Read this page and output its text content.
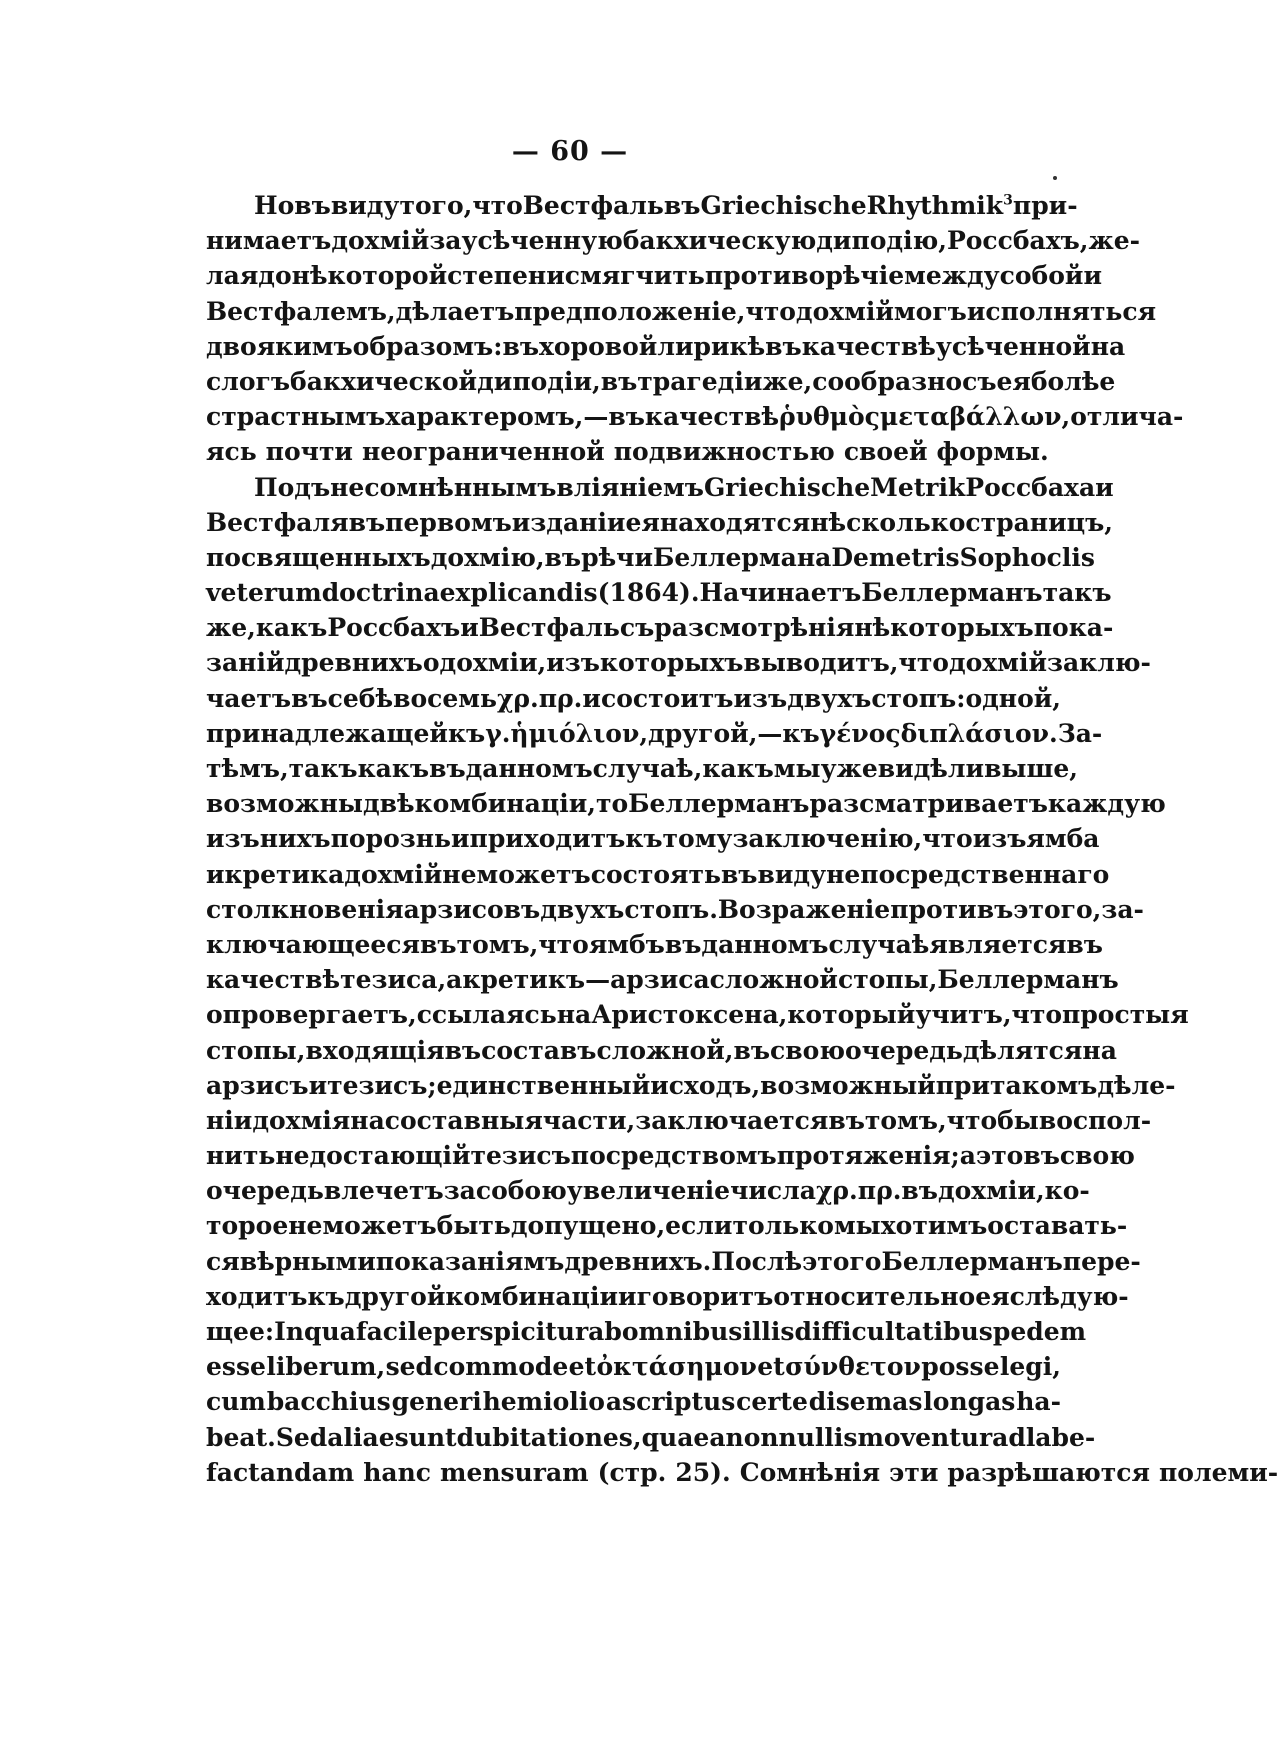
— 60 —
Но въ виду того, что Вестфаль въ Griechische Rhythmik$^3$ при-
нимаетъ дохмій за усѣченную бакхическую диподію, Россбахъ, же-
лая до нѣкоторой степени смягчить противорѣчіе между собой и
Вестфалемъ, дѣлаетъ предположеніе, что дохмій могъ исполняться
двоякимъ образомъ: въ хоровой лирикѣ въ качествѣ усѣченной на
слогъ бакхической диподіи, въ трагедіи же, сообразно съ ея болѣе
страстнымъ характеромъ,—въ качествѣ ῥυθμὸς μεταβάλλων, отлича-
ясь почти неограниченной подвижностью своей формы.
Подъ несомнѣннымъ вліяніемъ Griechische Metrik Россбаха и
Вестфаля въ первомъ изданіи ея находятся нѣсколько страницъ,
посвященныхъ дохмію, въ рѣчи Беллермана De metris Sophoclis
veterum doctrina explicandis (1864). Начинаетъ Беллерманъ такъ
же, какъ Россбахъ и Вестфаль съ разсмотрѣнія нѣкоторыхъ пока-
заній древнихъ о дохміи, изъ которыхъ выводитъ, что дохмій заклю-
чаетъ въ себѣ восемь χρ. πρ. и состоитъ изъ двухъ стопъ: одной,
принадлежащей къ γ. ἡμιόλιον, другой,—къ γένος διπλάσιον. За-
тѣмъ, такъ какъ въ данномъ случаѣ, какъ мы уже видѣли выше,
возможны двѣ комбинаціи, то Беллерманъ разсматриваетъ каждую
изъ нихъ порознь и приходитъ къ тому заключенію, что изъ ямба
и кретика дохмій не можетъ состоять въ виду непосредственнаго
столкновенія арзисовъ двухъ стопъ. Возраженіе противъ этого, за-
ключающееся въ томъ, что ямбъ въ данномъ случаѣ является въ
качествѣ тезиса, а кретикъ—арзиса сложной стопы, Беллерманъ
опровергаетъ, ссылаясь на Аристоксена, который учитъ, что простыя
стопы, входящія въ составъ сложной, въ свою очередь дѣлятся на
арзисъ и тезисъ; единственный исходъ, возможный при такомъ дѣле-
ніи дохмія на составныя части, заключается въ томъ, чтобы воспол-
нить недостающій тезисъ посредствомъ протяженія; а это въ свою
очередь влечетъ за собою увеличеніе числа χρ. πρ. въ дохміи, ко-
торое не можетъ быть допущено, если только мы хотимъ оставать-
ся вѣрными показаніямъ древнихъ. Послѣ этого Беллерманъ пере-
ходитъ къ другой комбинаціи и говоритъ относительно ея слѣдую-
щее: In qua facile perspicitur ab omnibus illis difficultatibus pedem
esse liberum, sed commode et ὀκτάσημον et σύνθετον posse legi,
cum bacchius generi hemiolio ascriptus certe disemas longas ha-
beat. Sed aliae sunt dubitationes, quae a nonnullis moventur ad labe-
factandam hanc mensuram (стр. 25). Сомнѣнія эти разрѣшаются полеми-
